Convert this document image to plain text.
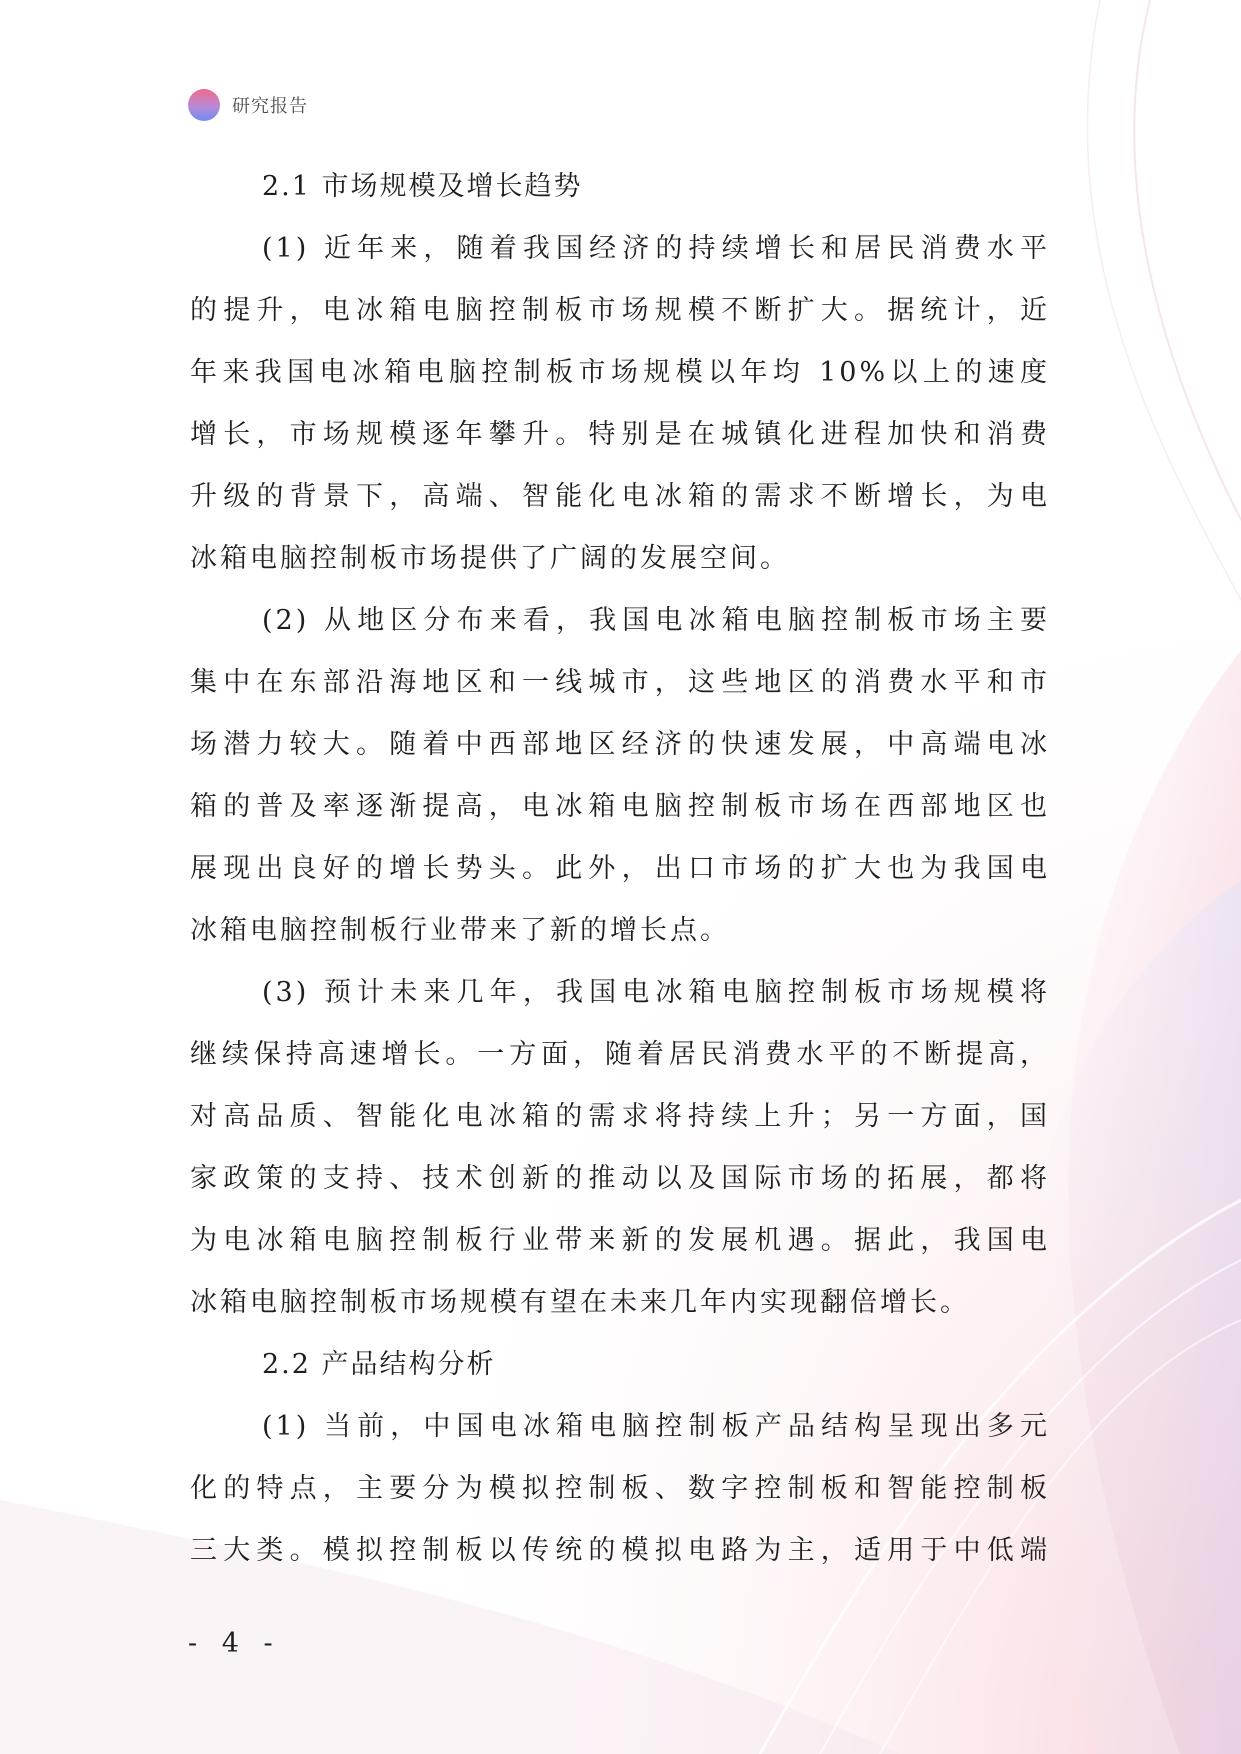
研究报告
2.1 市场规模及增长趋势
(1) 近年来，随着我国经济的持续增长和居民消费水平
的提升，电冰箱电脑控制板市场规模不断扩大。据统计，近
年来我国电冰箱电脑控制板市场规模以年均 10%以上的速度
增长，市场规模逐年攀升。特别是在城镇化进程加快和消费
升级的背景下，高端、智能化电冰箱的需求不断增长，为电
冰箱电脑控制板市场提供了广阔的发展空间。
(2) 从地区分布来看，我国电冰箱电脑控制板市场主要
集中在东部沿海地区和一线城市，这些地区的消费水平和市
场潜力较大。随着中西部地区经济的快速发展，中高端电冰
箱的普及率逐渐提高，电冰箱电脑控制板市场在西部地区也
展现出良好的增长势头。此外，出口市场的扩大也为我国电
冰箱电脑控制板行业带来了新的增长点。
(3) 预计未来几年，我国电冰箱电脑控制板市场规模将
继续保持高速增长。一方面，随着居民消费水平的不断提高，
对高品质、智能化电冰箱的需求将持续上升；另一方面，国
家政策的支持、技术创新的推动以及国际市场的拓展，都将
为电冰箱电脑控制板行业带来新的发展机遇。据此，我国电
冰箱电脑控制板市场规模有望在未来几年内实现翻倍增长。
2.2 产品结构分析
(1) 当前，中国电冰箱电脑控制板产品结构呈现出多元
化的特点，主要分为模拟控制板、数字控制板和智能控制板
三大类。模拟控制板以传统的模拟电路为主，适用于中低端
- 4 -
